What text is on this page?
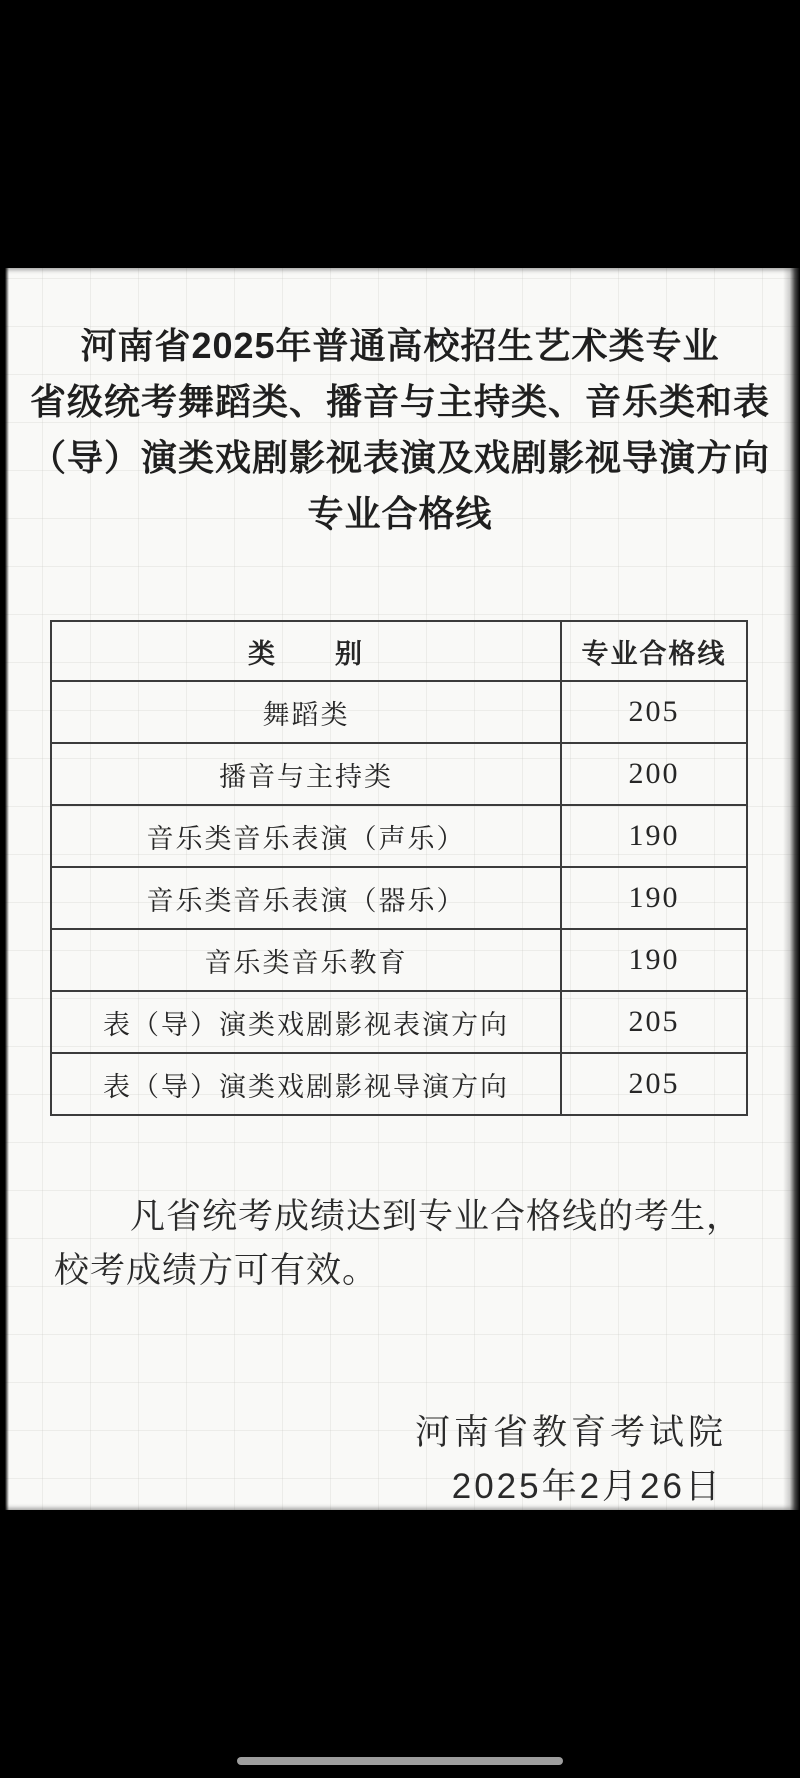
河南省2025年普通高校招生艺术类专业
省级统考舞蹈类、播音与主持类、音乐类和表
（导）演类戏剧影视表演及戏剧影视导演方向
专业合格线
类　　别	专业合格线
舞蹈类	205
播音与主持类	200
音乐类音乐表演（声乐）	190
音乐类音乐表演（器乐）	190
音乐类音乐教育	190
表（导）演类戏剧影视表演方向	205
表（导）演类戏剧影视导演方向	205
凡省统考成绩达到专业合格线的考生，
校考成绩方可有效。
河南省教育考试院
2025年2月26日
